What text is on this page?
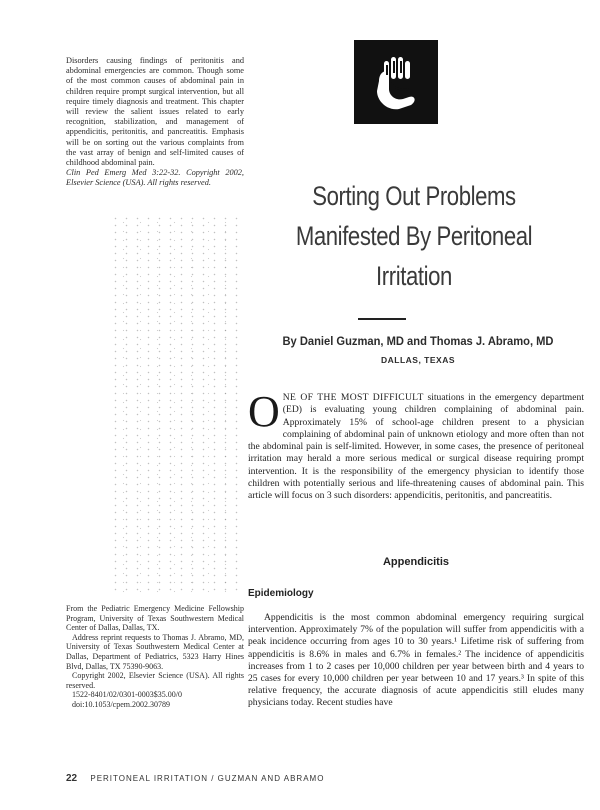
Disorders causing findings of peritonitis and abdominal emergencies are common. Though some of the most common causes of abdominal pain in children require prompt surgical intervention, but all require timely diagnosis and treatment. This chapter will review the salient issues related to early recognition, stabilization, and management of appendicitis, peritonitis, and pancreatitis. Emphasis will be on sorting out the various complaints from the vast array of benign and self-limited causes of childhood abdominal pain.

Clin Ped Emerg Med 3:22-32. Copyright 2002, Elsevier Science (USA). All rights reserved.

From the Pediatric Emergency Medicine Fellowship Program, University of Texas Southwestern Medical Center of Dallas, Dallas, TX.

Address reprint requests to Thomas J. Abramo, MD, University of Texas Southwestern Medical Center at Dallas, Department of Pediatrics, 5323 Harry Hines Blvd, Dallas, TX 75390-9063.

Copyright 2002, Elsevier Science (USA). All rights reserved.

1522-8401/02/0301-0003$35.00/0

doi:10.1053/cpem.2002.30789

Sorting Out Problems
Manifested By Peritoneal
Irritation
By Daniel Guzman, MD and Thomas J. Abramo, MD
DALLAS, TEXAS

ONE OF THE MOST DIFFICULT situations in the emergency department (ED) is evaluating young children complaining of abdominal pain. Approximately 15% of school-age children present to a physician complaining of abdominal pain of unknown etiology and more often than not the abdominal pain is self-limited. However, in some cases, the presence of peritoneal irritation may herald a more serious medical or surgical disease requiring prompt intervention. It is the responsibility of the emergency physician to identify those children with potentially serious and life-threatening causes of abdominal pain. This article will focus on 3 such disorders: appendicitis, peritonitis, and pancreatitis.

Appendicitis
Epidemiology

Appendicitis is the most common abdominal emergency requiring surgical intervention. Approximately 7% of the population will suffer from appendicitis with a peak incidence occurring from ages 10 to 30 years.¹ Lifetime risk of suffering from appendicitis is 8.6% in males and 6.7% in females.² The incidence of appendicitis increases from 1 to 2 cases per 10,000 children per year between birth and 4 years to 25 cases for every 10,000 children per year between 10 and 17 years.³ In spite of this relative frequency, the accurate diagnosis of acute appendicitis still eludes many physicians today. Recent studies have

22 PERITONEAL IRRITATION / GUZMAN AND ABRAMO
